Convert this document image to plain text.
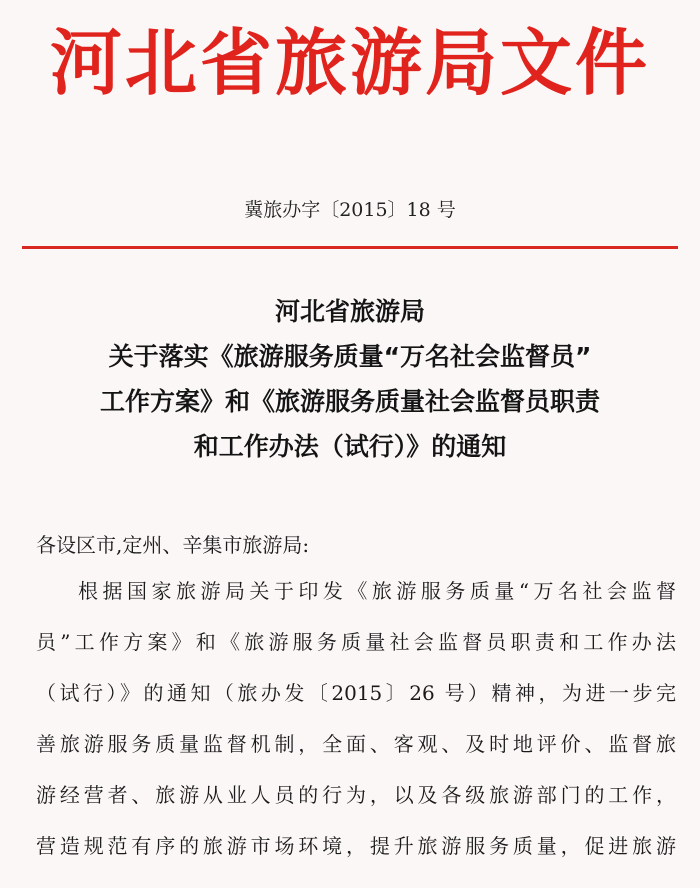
河北省旅游局文件
冀旅办字〔2015〕18 号
河北省旅游局
关于落实《旅游服务质量“万名社会监督员”
工作方案》和《旅游服务质量社会监督员职责
和工作办法（试行）》的通知
各设区市,定州、辛集市旅游局:
根据国家旅游局关于印发《旅游服务质量“万名社会监督
员”工作方案》和《旅游服务质量社会监督员职责和工作办法
（试行）》的通知（旅办发〔2015〕26 号）精神，为进一步完
善旅游服务质量监督机制，全面、客观、及时地评价、监督旅
游经营者、旅游从业人员的行为，以及各级旅游部门的工作，
营造规范有序的旅游市场环境，提升旅游服务质量，促进旅游
